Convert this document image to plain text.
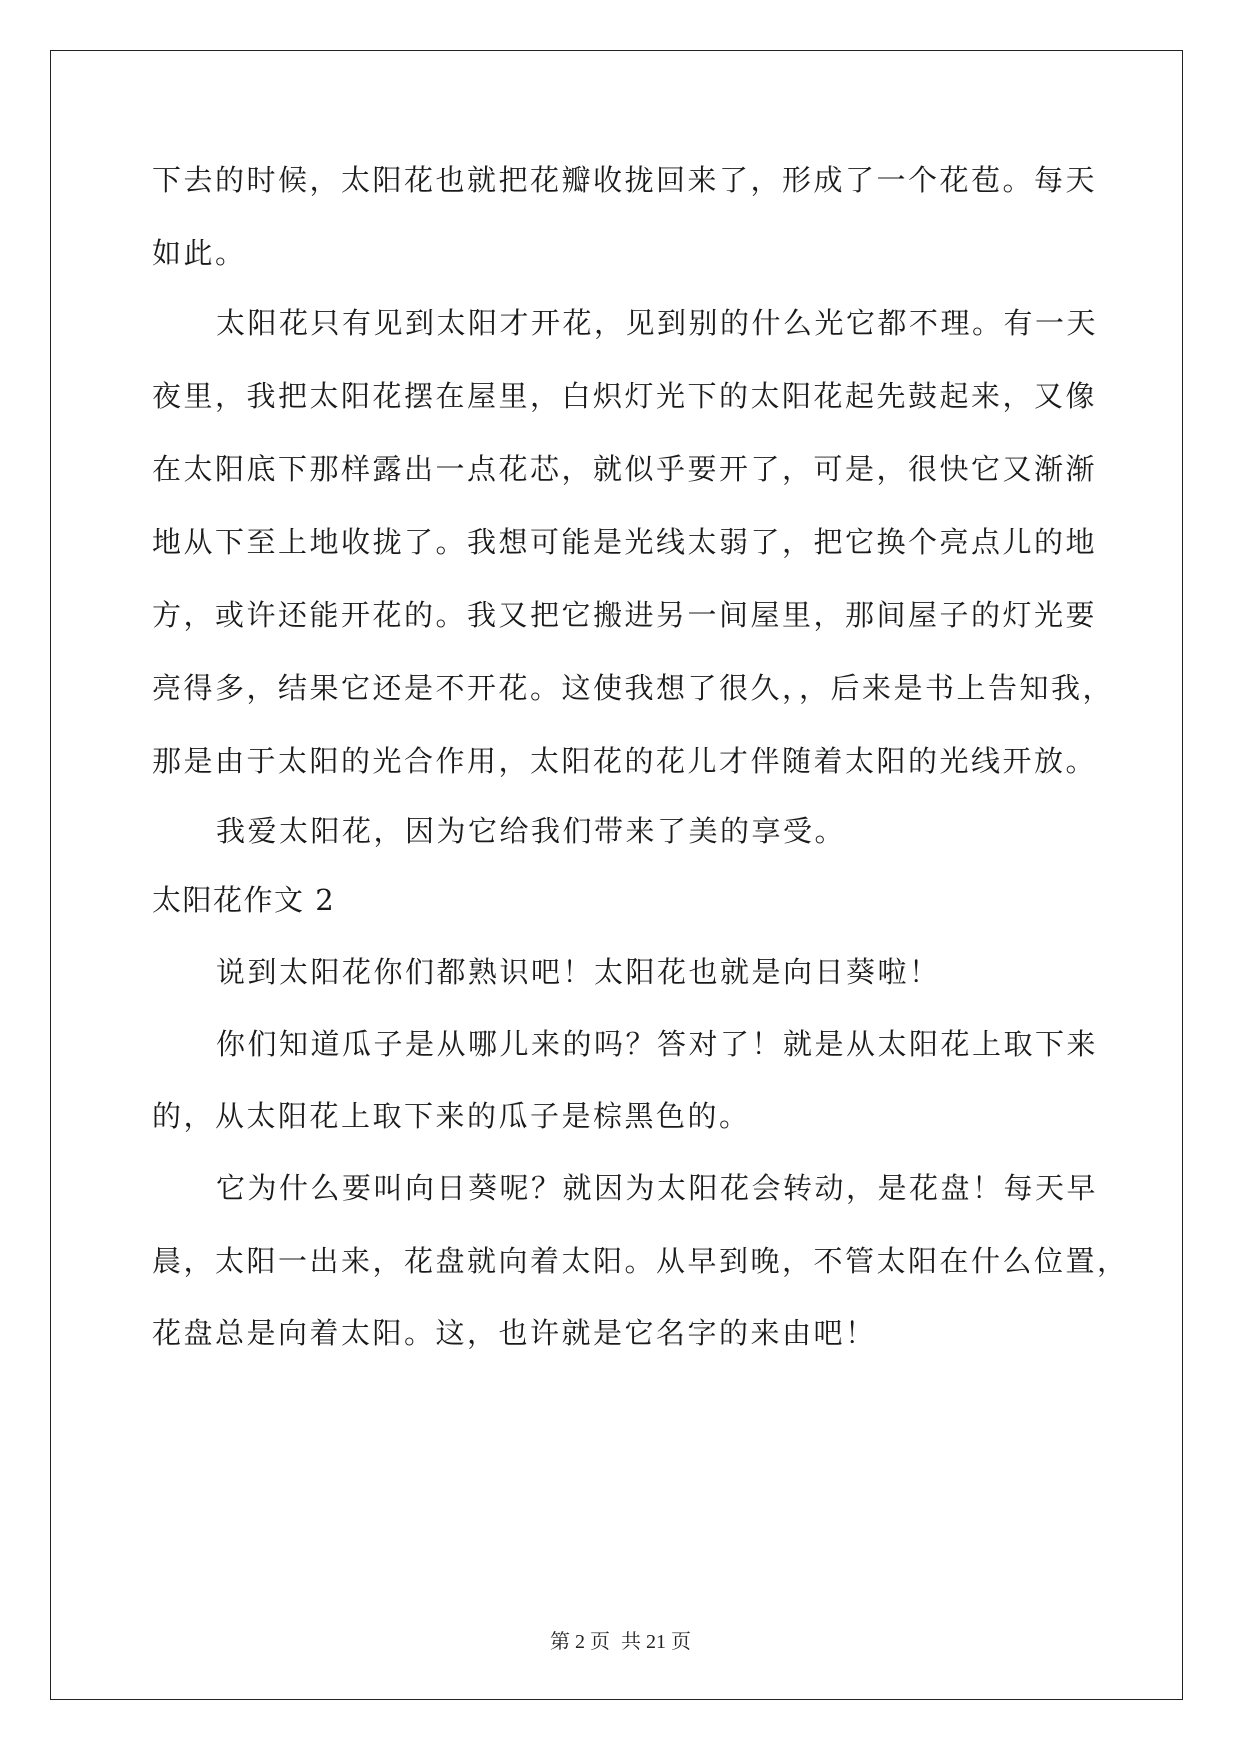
下去的时候，太阳花也就把花瓣收拢回来了，形成了一个花苞。每天
如此。
太阳花只有见到太阳才开花，见到别的什么光它都不理。有一天
夜里，我把太阳花摆在屋里，白炽灯光下的太阳花起先鼓起来，又像
在太阳底下那样露出一点花芯，就似乎要开了，可是，很快它又渐渐
地从下至上地收拢了。我想可能是光线太弱了，把它换个亮点儿的地
方，或许还能开花的。我又把它搬进另一间屋里，那间屋子的灯光要
亮得多，结果它还是不开花。这使我想了很久，，后来是书上告知我，
那是由于太阳的光合作用，太阳花的花儿才伴随着太阳的光线开放。
我爱太阳花，因为它给我们带来了美的享受。
太阳花作文 2
说到太阳花你们都熟识吧！太阳花也就是向日葵啦！
你们知道瓜子是从哪儿来的吗？答对了！就是从太阳花上取下来
的，从太阳花上取下来的瓜子是棕黑色的。
它为什么要叫向日葵呢？就因为太阳花会转动，是花盘！每天早
晨，太阳一出来，花盘就向着太阳。从早到晚，不管太阳在什么位置，
花盘总是向着太阳。这，也许就是它名字的来由吧！
第 2 页 共 21 页
